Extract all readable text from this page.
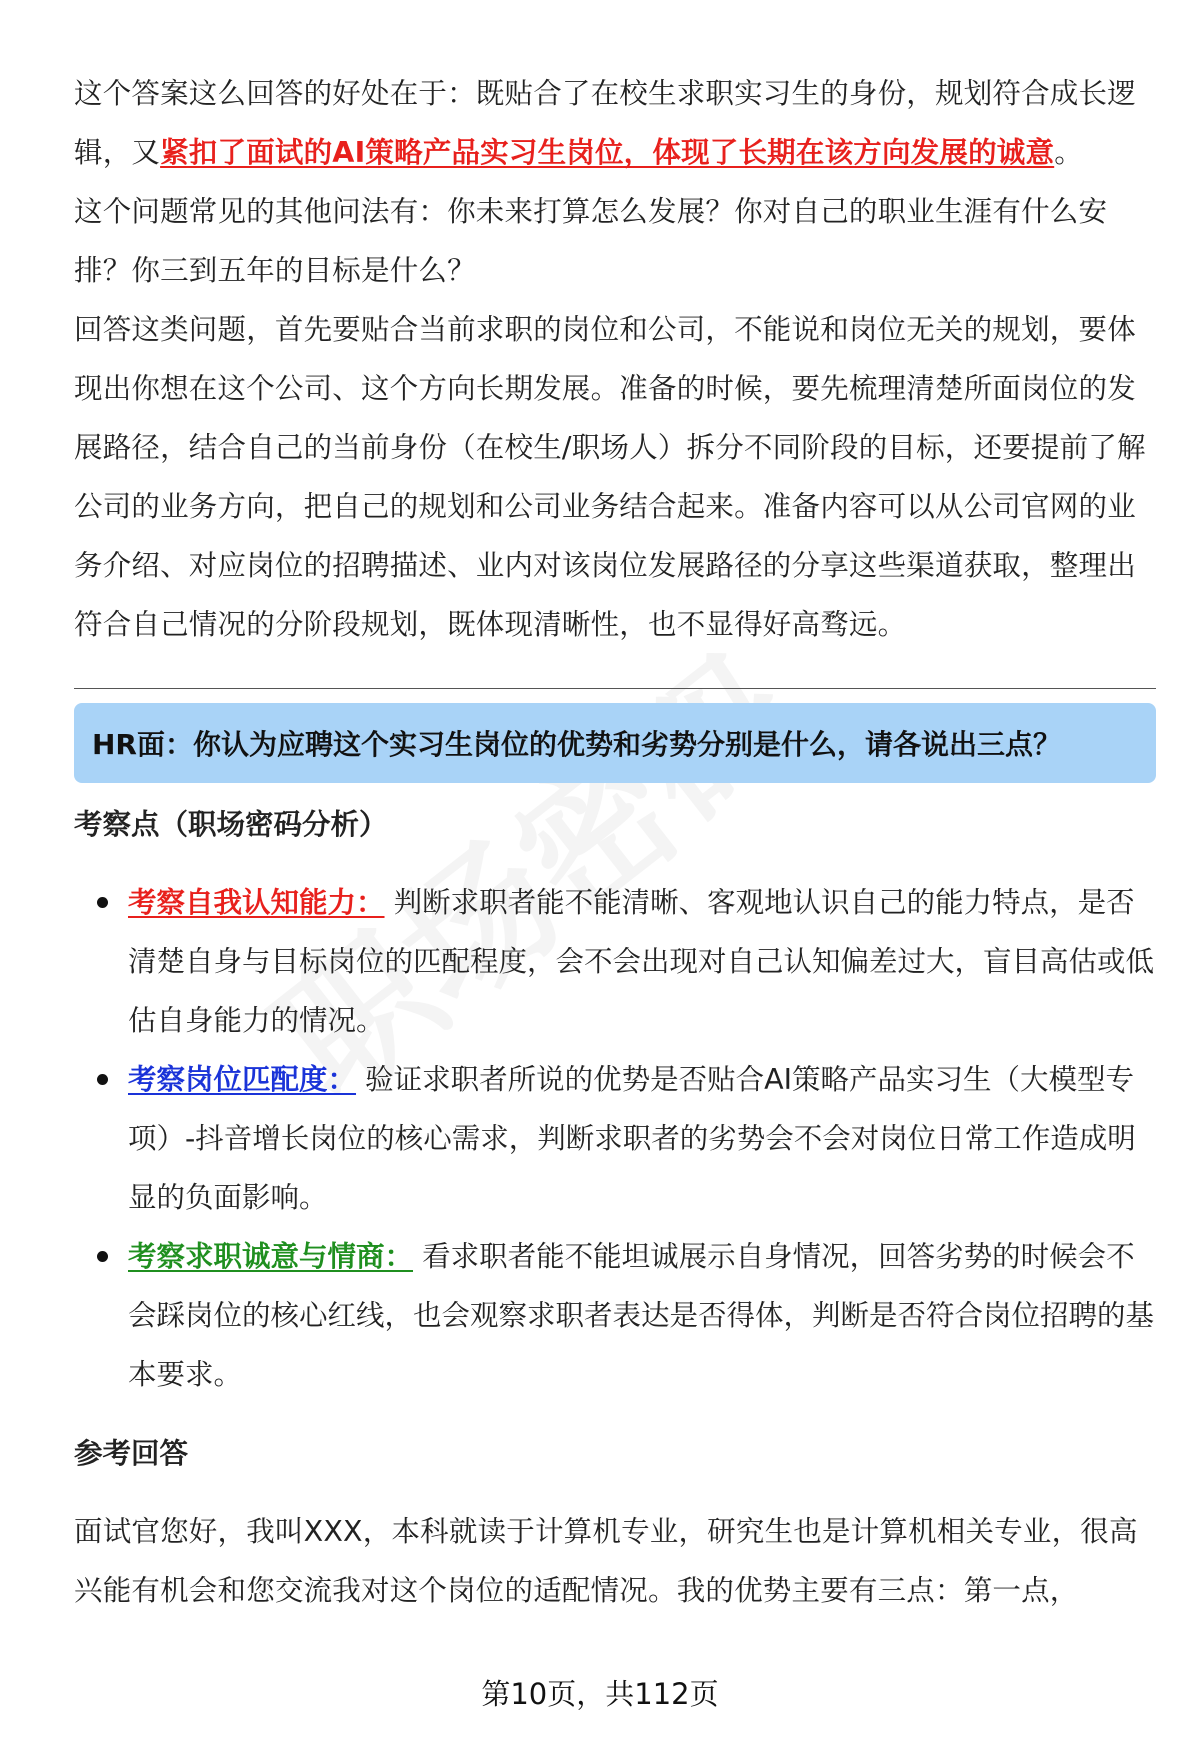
这个答案这么回答的好处在于：既贴合了在校生求职实习生的身份，规划符合成长逻辑，又紧扣了面试的AI策略产品实习生岗位，体现了长期在该方向发展的诚意。

这个问题常见的其他问法有：你未来打算怎么发展？你对自己的职业生涯有什么安排？你三到五年的目标是什么？

回答这类问题，首先要贴合当前求职的岗位和公司，不能说和岗位无关的规划，要体现出你想在这个公司、这个方向长期发展。准备的时候，要先梳理清楚所面岗位的发展路径，结合自己的当前身份（在校生/职场人）拆分不同阶段的目标，还要提前了解公司的业务方向，把自己的规划和公司业务结合起来。准备内容可以从公司官网的业务介绍、对应岗位的招聘描述、业内对该岗位发展路径的分享这些渠道获取，整理出符合自己情况的分阶段规划，既体现清晰性，也不显得好高骛远。

HR面：你认为应聘这个实习生岗位的优势和劣势分别是什么，请各说出三点？
考察点（职场密码分析）
考察自我认知能力： 判断求职者能不能清晰、客观地认识自己的能力特点，是否清楚自身与目标岗位的匹配程度，会不会出现对自己认知偏差过大，盲目高估或低估自身能力的情况。
考察岗位匹配度： 验证求职者所说的优势是否贴合AI策略产品实习生（大模型专项）-抖音增长岗位的核心需求，判断求职者的劣势会不会对岗位日常工作造成明显的负面影响。
考察求职诚意与情商： 看求职者能不能坦诚展示自身情况，回答劣势的时候会不会踩岗位的核心红线，也会观察求职者表达是否得体，判断是否符合岗位招聘的基本要求。
参考回答

面试官您好，我叫XXX，本科就读于计算机专业，研究生也是计算机相关专业，很高兴能有机会和您交流我对这个岗位的适配情况。我的优势主要有三点：第一点，

第10页，共112页
